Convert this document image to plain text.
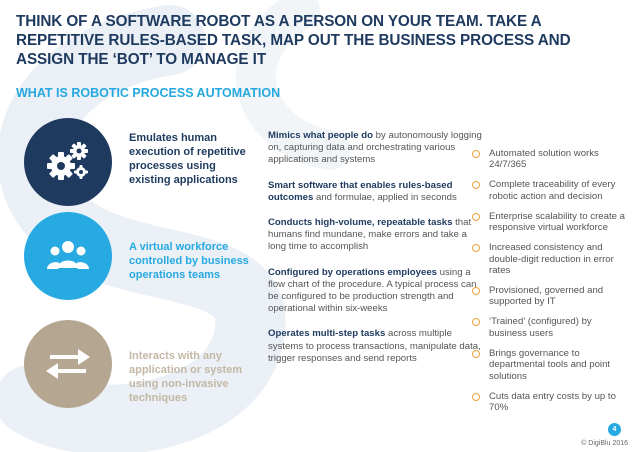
THINK OF A SOFTWARE ROBOT AS A PERSON ON YOUR TEAM. TAKE A REPETITIVE RULES-BASED TASK, MAP OUT THE BUSINESS PROCESS AND ASSIGN THE ‘BOT’ TO MANAGE IT
WHAT IS ROBOTIC PROCESS AUTOMATION
Emulates human execution of repetitive processes using existing applications
A virtual workforce controlled by business operations teams
Interacts with any application or system using non-invasive techniques
Mimics what people do by autonomously logging on, capturing data and orchestrating various applications and systems
Smart software that enables rules-based outcomes and formulae, applied in seconds
Conducts high-volume, repeatable tasks that humans find mundane, make errors and take a long time to accomplish
Configured by operations employees using a flow chart of the procedure. A typical process can be configured to be production strength and operational within six-weeks
Operates multi-step tasks across multiple systems to process transactions, manipulate data, trigger responses and send reports
Automated solution works 24/7/365
Complete traceability of every robotic action and decision
Enterprise scalability to create a responsive virtual workforce
Increased consistency and double-digit reduction in error rates
Provisioned, governed and supported by IT
‘Trained’ (configured) by business users
Brings governance to departmental tools and point solutions
Cuts data entry costs by up to 70%
4
© DigiBlu 2016
